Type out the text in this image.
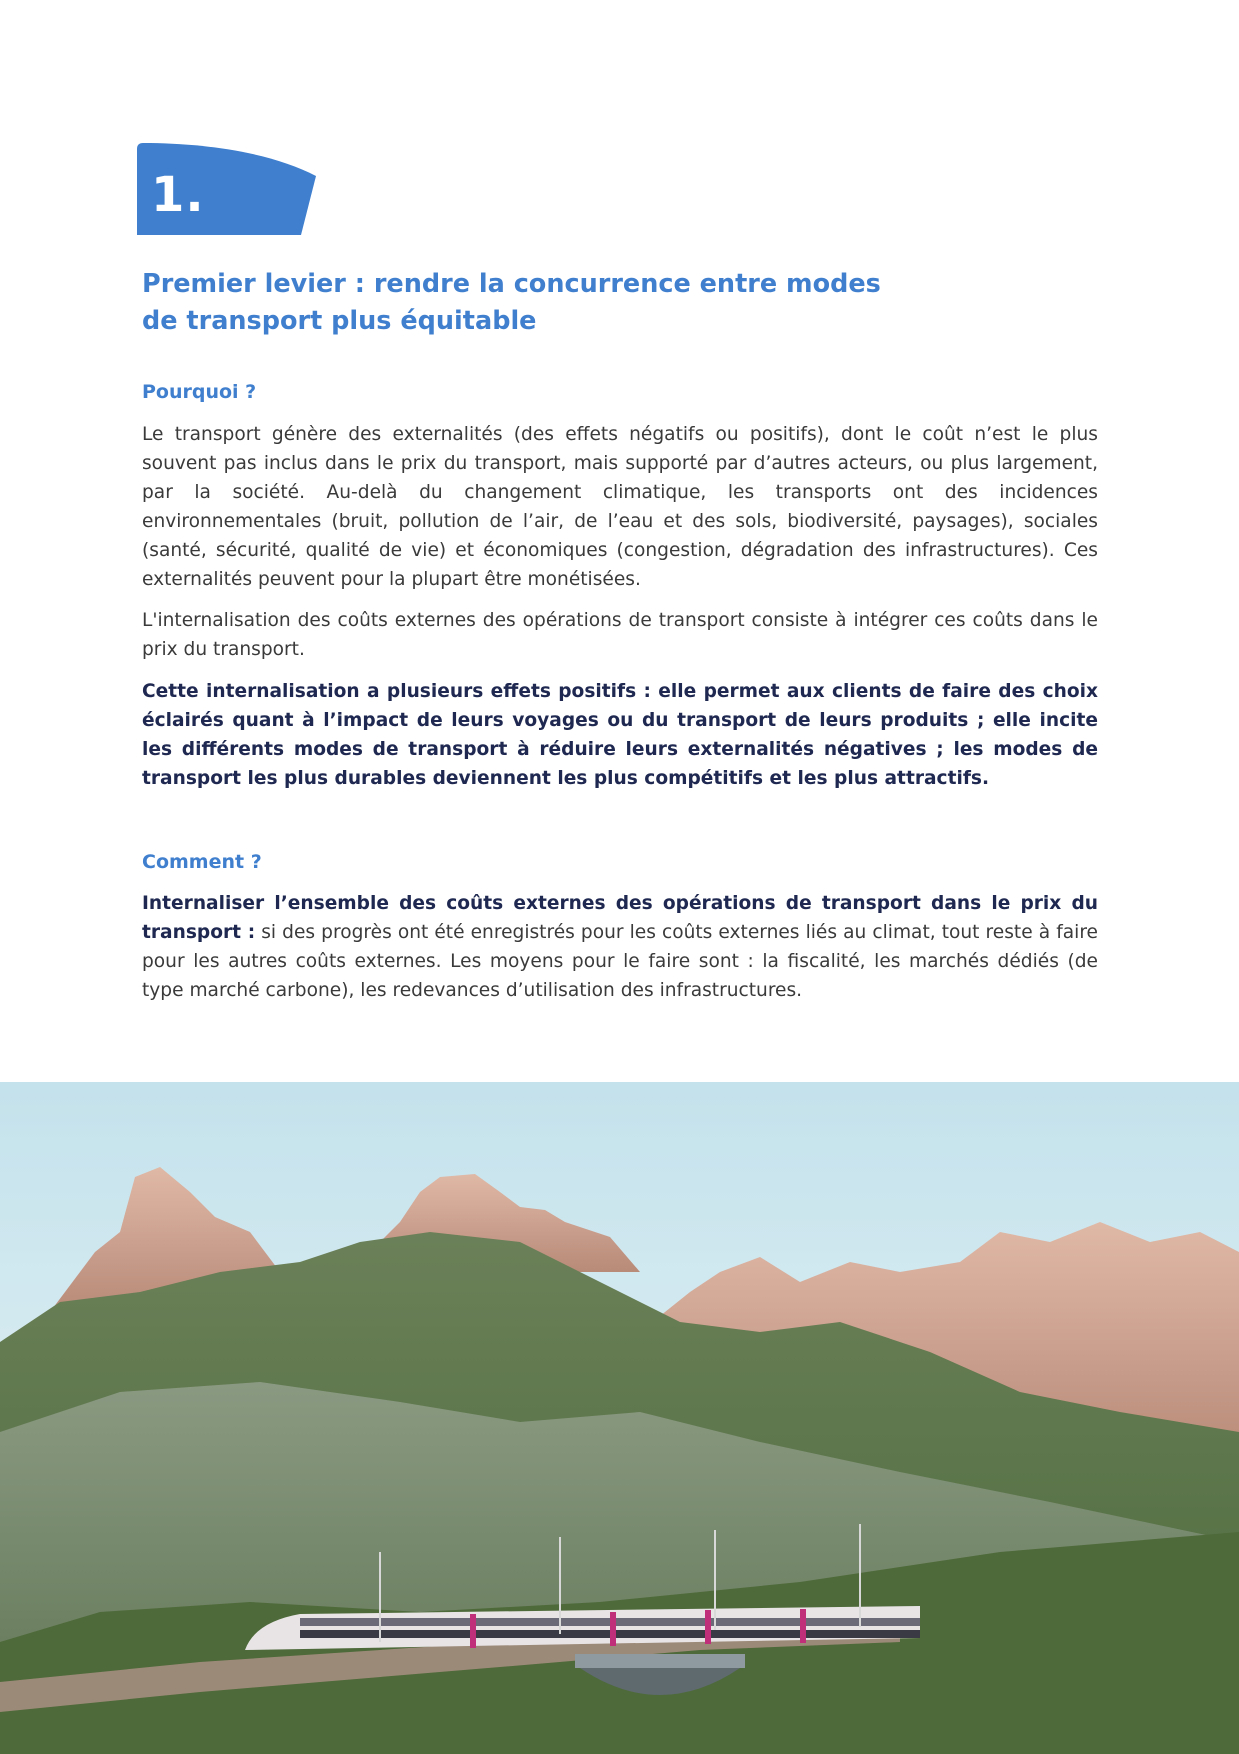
1.
Premier levier : rendre la concurrence entre modes
de transport plus équitable
Pourquoi ?

Le transport génère des externalités (des effets négatifs ou positifs), dont le coût n’est le plus souvent pas inclus dans le prix du transport, mais supporté par d’autres acteurs, ou plus largement, par la société. Au-delà du changement climatique, les transports ont des incidences environnementales (bruit, pollution de l’air, de l’eau et des sols, biodiversité, paysages), sociales (santé, sécurité, qualité de vie) et économiques (congestion, dégradation des infrastructures). Ces externalités peuvent pour la plupart être monétisées.

L'internalisation des coûts externes des opérations de transport consiste à intégrer ces coûts dans le prix du transport.

Cette internalisation a plusieurs effets positifs : elle permet aux clients de faire des choix éclairés quant à l’impact de leurs voyages ou du transport de leurs produits ; elle incite les différents modes de transport à réduire leurs externalités négatives ; les modes de transport les plus durables deviennent les plus compétitifs et les plus attractifs.

Comment ?

Internaliser l’ensemble des coûts externes des opérations de transport dans le prix du transport : si des progrès ont été enregistrés pour les coûts externes liés au climat, tout reste à faire pour les autres coûts externes. Les moyens pour le faire sont : la fiscalité, les marchés dédiés (de type marché carbone), les redevances d’utilisation des infrastructures.
